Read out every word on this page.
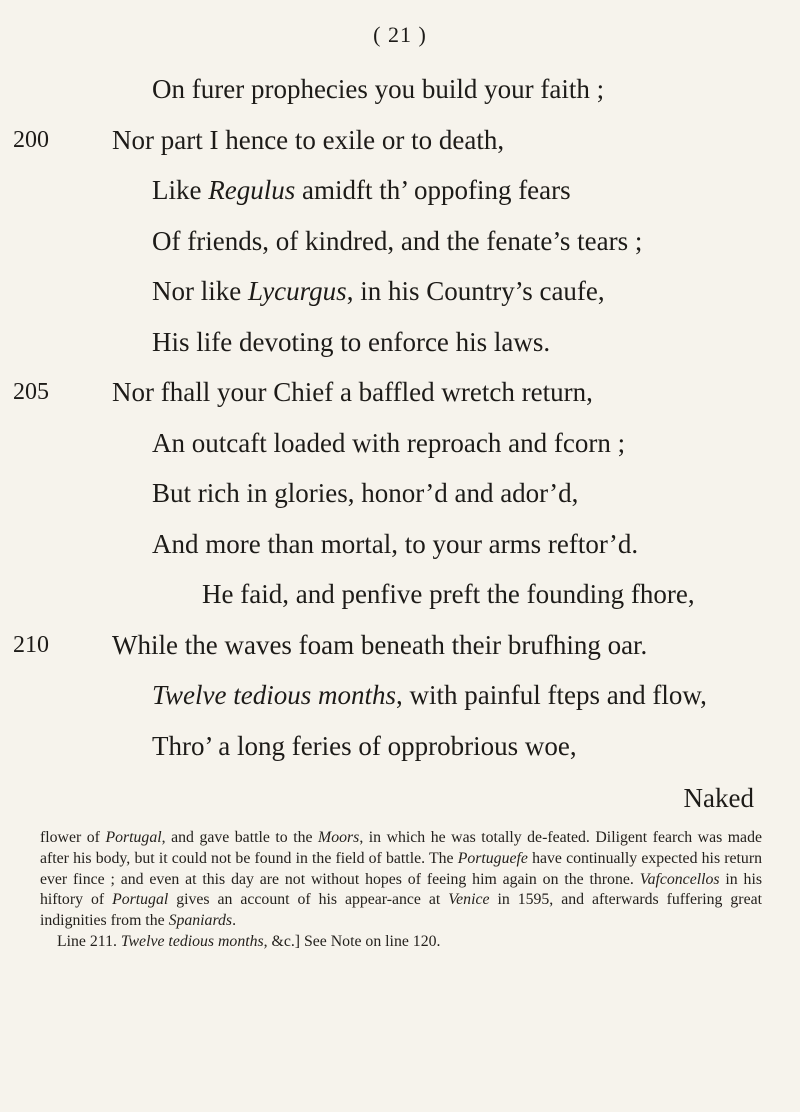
( 21 )
On furer prophecies you build your faith ;
200	Nor part I hence to exile or to death,
Like Regulus amidft th’ oppofing fears
Of friends, of kindred, and the fenate’s tears ;
Nor like Lycurgus, in his Country’s caufe,
His life devoting to enforce his laws.
205	Nor fhall your Chief a baffled wretch return,
An outcaft loaded with reproach and fcorn ;
But rich in glories, honor’d and ador’d,
And more than mortal, to your arms reftor’d.
He faid, and penfive preft the founding fhore,
210	While the waves foam beneath their brufhing oar.
Twelve tedious months, with painful fteps and flow,
Thro’ a long feries of opprobrious woe,
Naked

flower of Portugal, and gave battle to the Moors, in which he was totally de-feated. Diligent fearch was made after his body, but it could not be found in the field of battle. The Portuguefe have continually expected his return ever fince ; and even at this day are not without hopes of feeing him again on the throne. Vafconcellos in his hiftory of Portugal gives an account of his appear-ance at Venice in 1595, and afterwards fuffering great indignities from the Spaniards.

Line 211. Twelve tedious months, &c.] See Note on line 120.
